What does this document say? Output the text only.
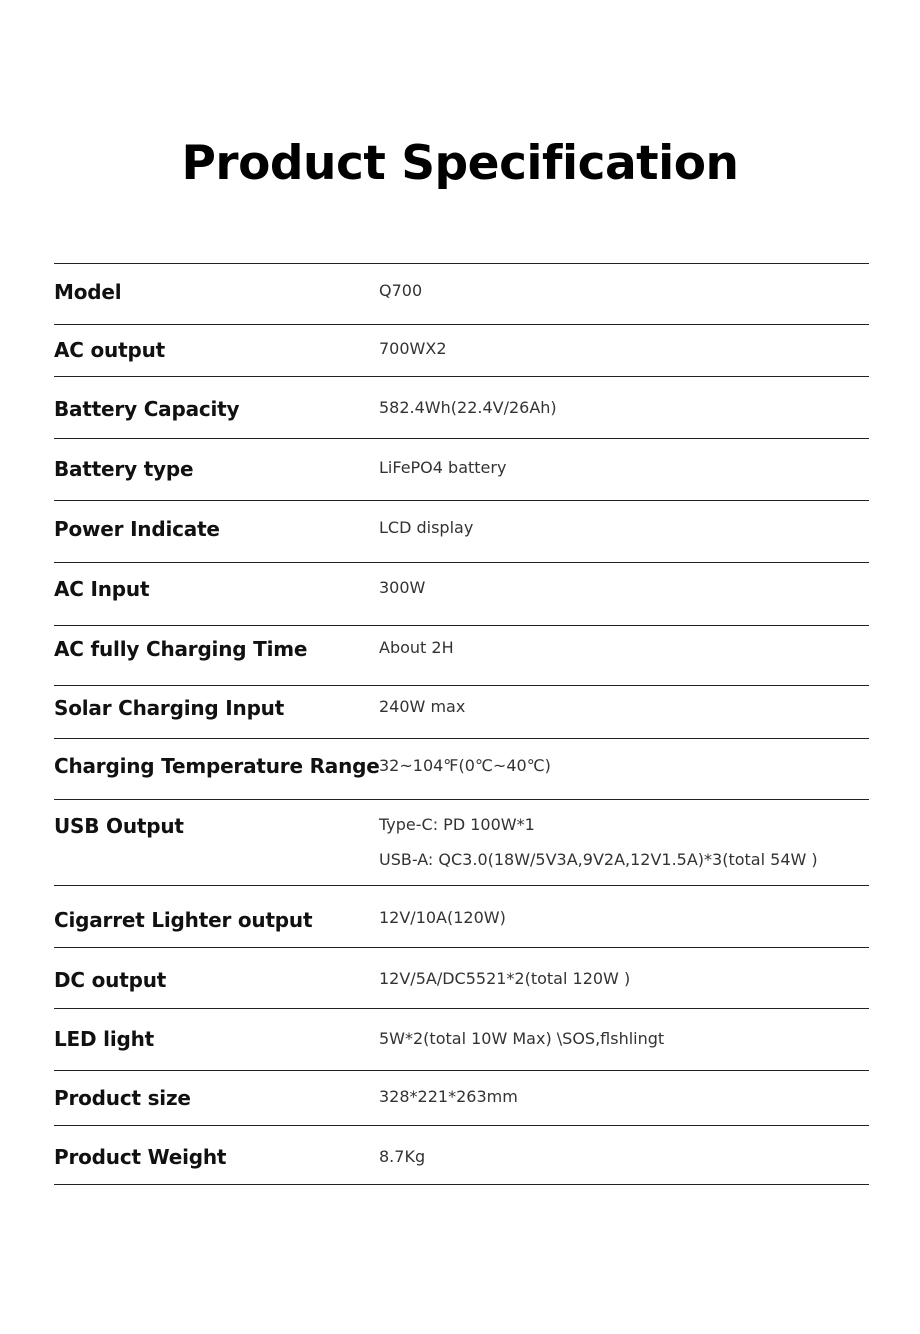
Product Specification
Model	Q700
AC output	700WX2
Battery Capacity	582.4Wh(22.4V/26Ah)
Battery type	LiFePO4 battery
Power Indicate	LCD display
AC Input	300W
AC fully Charging Time	About 2H
Solar Charging Input	240W max
Charging Temperature Range 32~104℉(0℃~40℃)
USB Output	Type-C: PD 100W*1
USB-A: QC3.0(18W/5V3A,9V2A,12V1.5A)*3(total 54W )
Cigarret Lighter output	12V/10A(120W)
DC output	12V/5A/DC5521*2(total 120W )
LED light	5W*2(total 10W Max) \SOS,flshlingt
Product size	328*221*263mm
Product Weight	8.7Kg
